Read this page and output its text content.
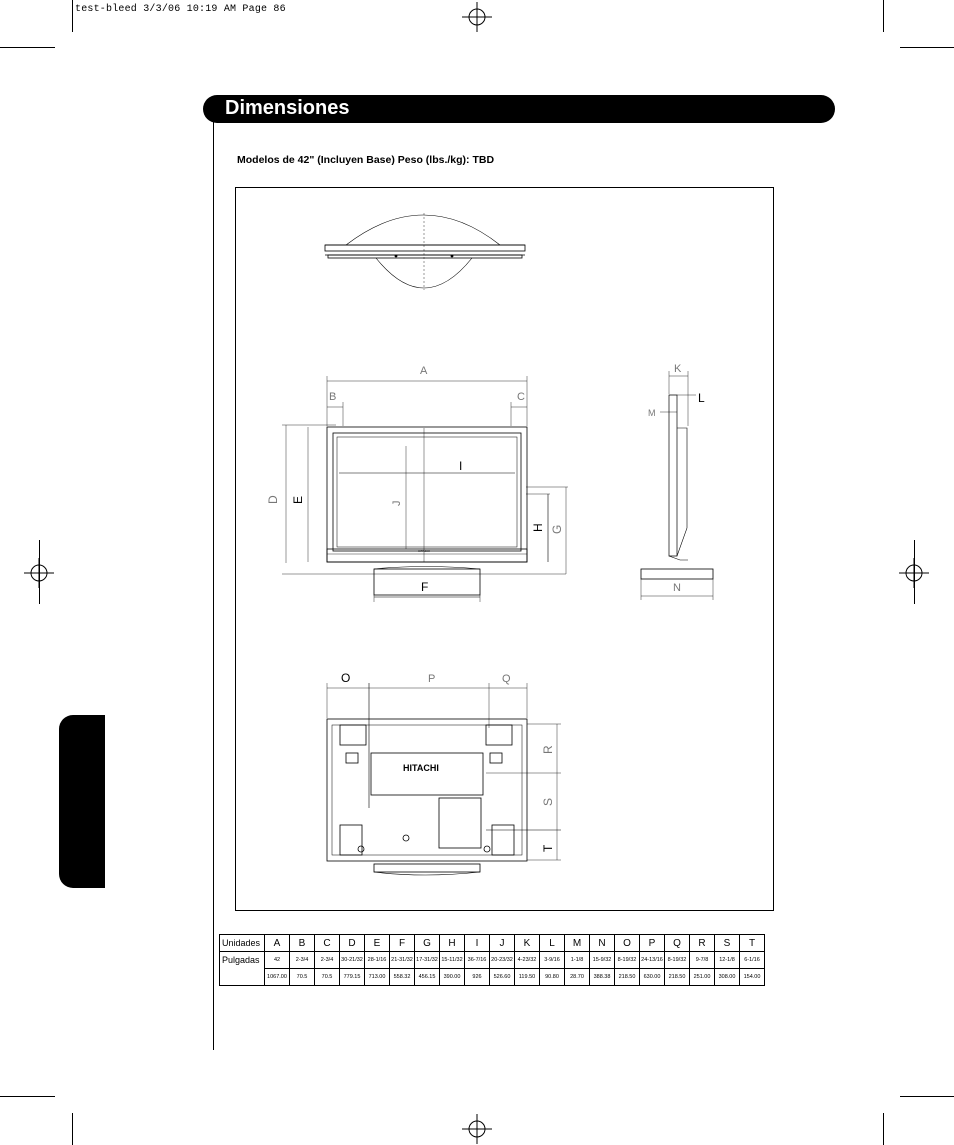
test-bleed 3/3/06 10:19 AM Page 86
Dimensiones
Modelos de 42" (Incluyen Base) Peso (lbs./kg): TBD
A
B	C
I
J
D E
F
G
H
HITACHI
K
L
M
N
O	P	Q
R
S
T
HITACHI
Unidades	A	B	C	D	E	F	G	H	I	J	K	L	M	N	O	P	Q	R	S	T
Pulgadas	42	2-3/4	2-3/4	30-21/32	28-1/16	21-31/32	17-31/32	15-11/32	36-7/16	20-23/32	4-23/32	3-9/16	1-1/8	15-9/32	8-19/32	24-13/16	8-19/32	9-7/8	12-1/8	6-1/16
	1067.00	70.5	70.5	779.15	713.00	558.32	456.15	390.00	926	526.60	119.50	90.80	28.70	388.38	218.50	630.00	218.50	251.00	308.00	154.00
